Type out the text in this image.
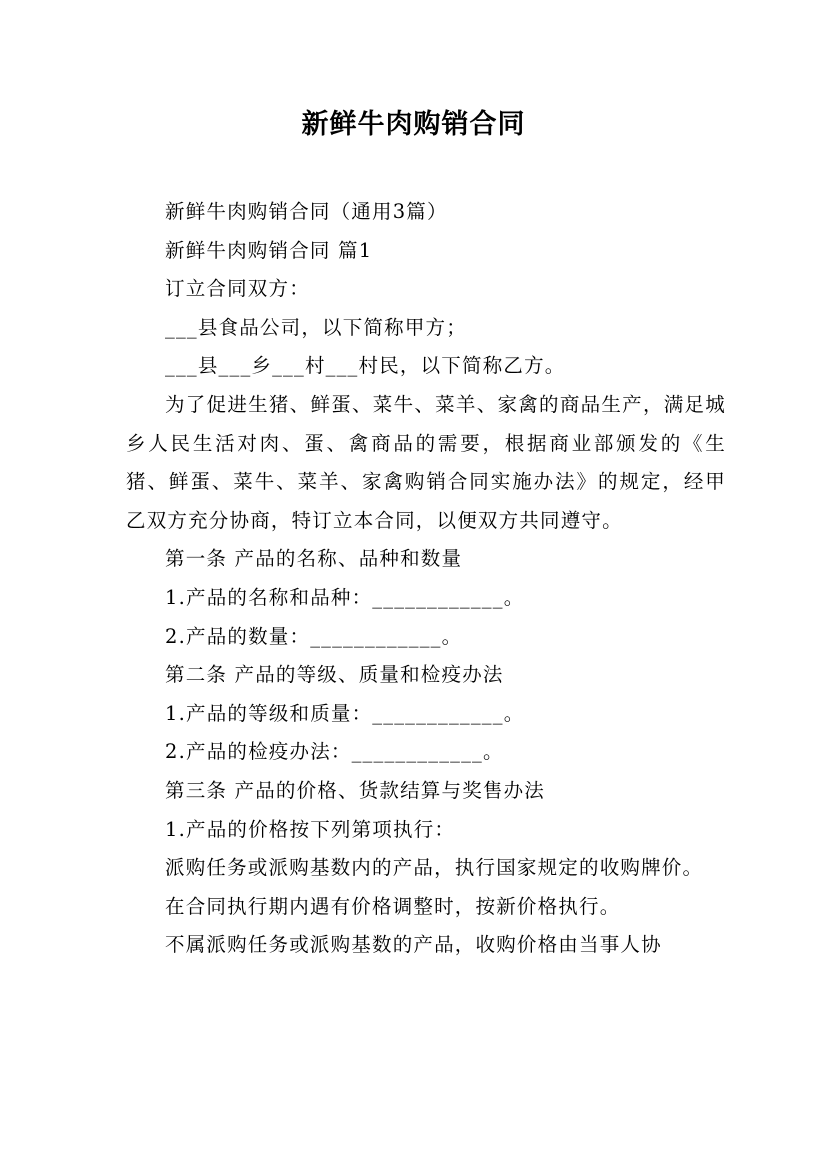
新鲜牛肉购销合同

新鲜牛肉购销合同（通用3篇）

新鲜牛肉购销合同 篇1

订立合同双方：

___县食品公司，以下简称甲方；

___县___乡___村___村民，以下简称乙方。

为了促进生猪、鲜蛋、菜牛、菜羊、家禽的商品生产，满足城乡人民生活对肉、蛋、禽商品的需要，根据商业部颁发的《生猪、鲜蛋、菜牛、菜羊、家禽购销合同实施办法》的规定，经甲乙双方充分协商，特订立本合同，以便双方共同遵守。

第一条 产品的名称、品种和数量

1.产品的名称和品种：____________。

2.产品的数量：____________。

第二条 产品的等级、质量和检疫办法

1.产品的等级和质量：____________。

2.产品的检疫办法：____________。

第三条 产品的价格、货款结算与奖售办法

1.产品的价格按下列第项执行：

派购任务或派购基数内的产品，执行国家规定的收购牌价。

在合同执行期内遇有价格调整时，按新价格执行。

不属派购任务或派购基数的产品，收购价格由当事人协
